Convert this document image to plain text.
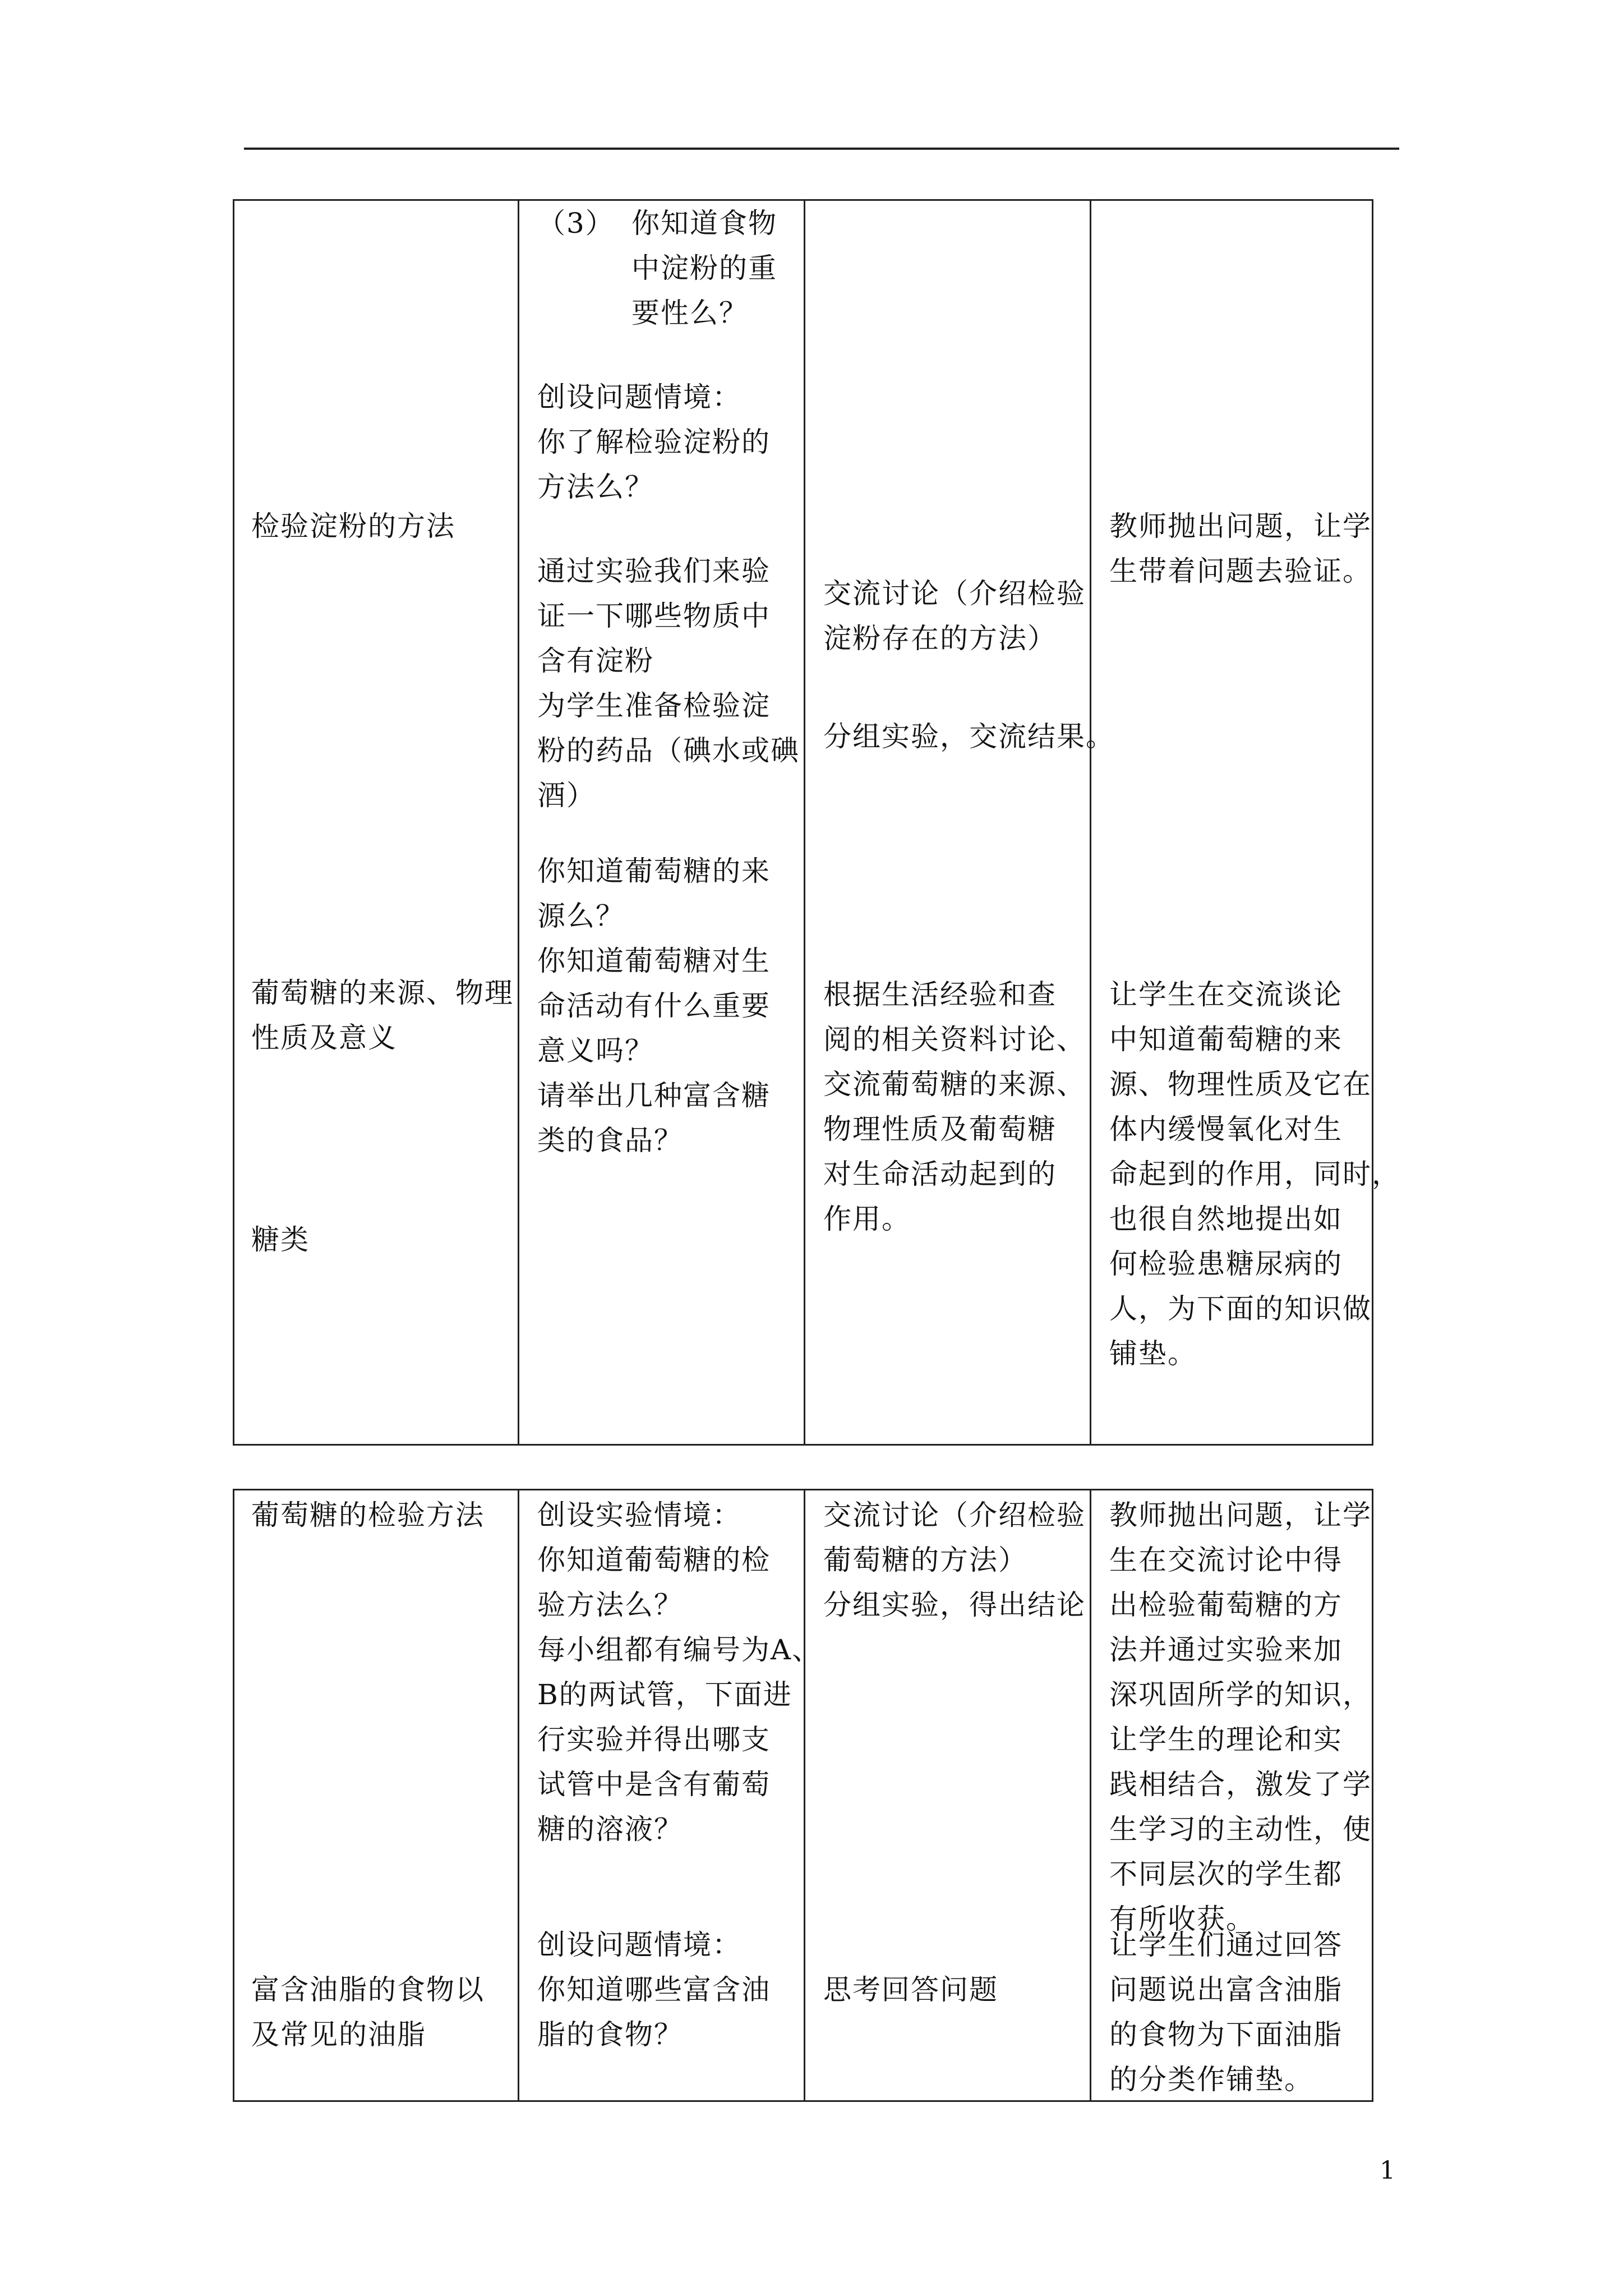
检验淀粉的方法
葡萄糖的来源、物理
性质及意义
糖类
（3） 你知道食物
中淀粉的重
要性么？
创设问题情境：
你了解检验淀粉的
方法么？
通过实验我们来验
证一下哪些物质中
含有淀粉
为学生准备检验淀
粉的药品（碘水或碘
酒）
你知道葡萄糖的来
源么？
你知道葡萄糖对生
命活动有什么重要
意义吗？
请举出几种富含糖
类的食品？
交流讨论（介绍检验
淀粉存在的方法）
分组实验，交流结果。
根据生活经验和查
阅的相关资料讨论、
交流葡萄糖的来源、
物理性质及葡萄糖
对生命活动起到的
作用。
教师抛出问题，让学
生带着问题去验证。
让学生在交流谈论
中知道葡萄糖的来
源、物理性质及它在
体内缓慢氧化对生
命起到的作用，同时，
也很自然地提出如
何检验患糖尿病的
人，为下面的知识做
铺垫。
葡萄糖的检验方法
富含油脂的食物以
及常见的油脂
创设实验情境：
你知道葡萄糖的检
验方法么？
每小组都有编号为A、
B的两试管，下面进
行实验并得出哪支
试管中是含有葡萄
糖的溶液？
创设问题情境：
你知道哪些富含油
脂的食物？
交流讨论（介绍检验
葡萄糖的方法）
分组实验，得出结论
思考回答问题
教师抛出问题，让学
生在交流讨论中得
出检验葡萄糖的方
法并通过实验来加
深巩固所学的知识，
让学生的理论和实
践相结合，激发了学
生学习的主动性，使
不同层次的学生都
有所收获。
让学生们通过回答
问题说出富含油脂
的食物为下面油脂
的分类作铺垫。
1
